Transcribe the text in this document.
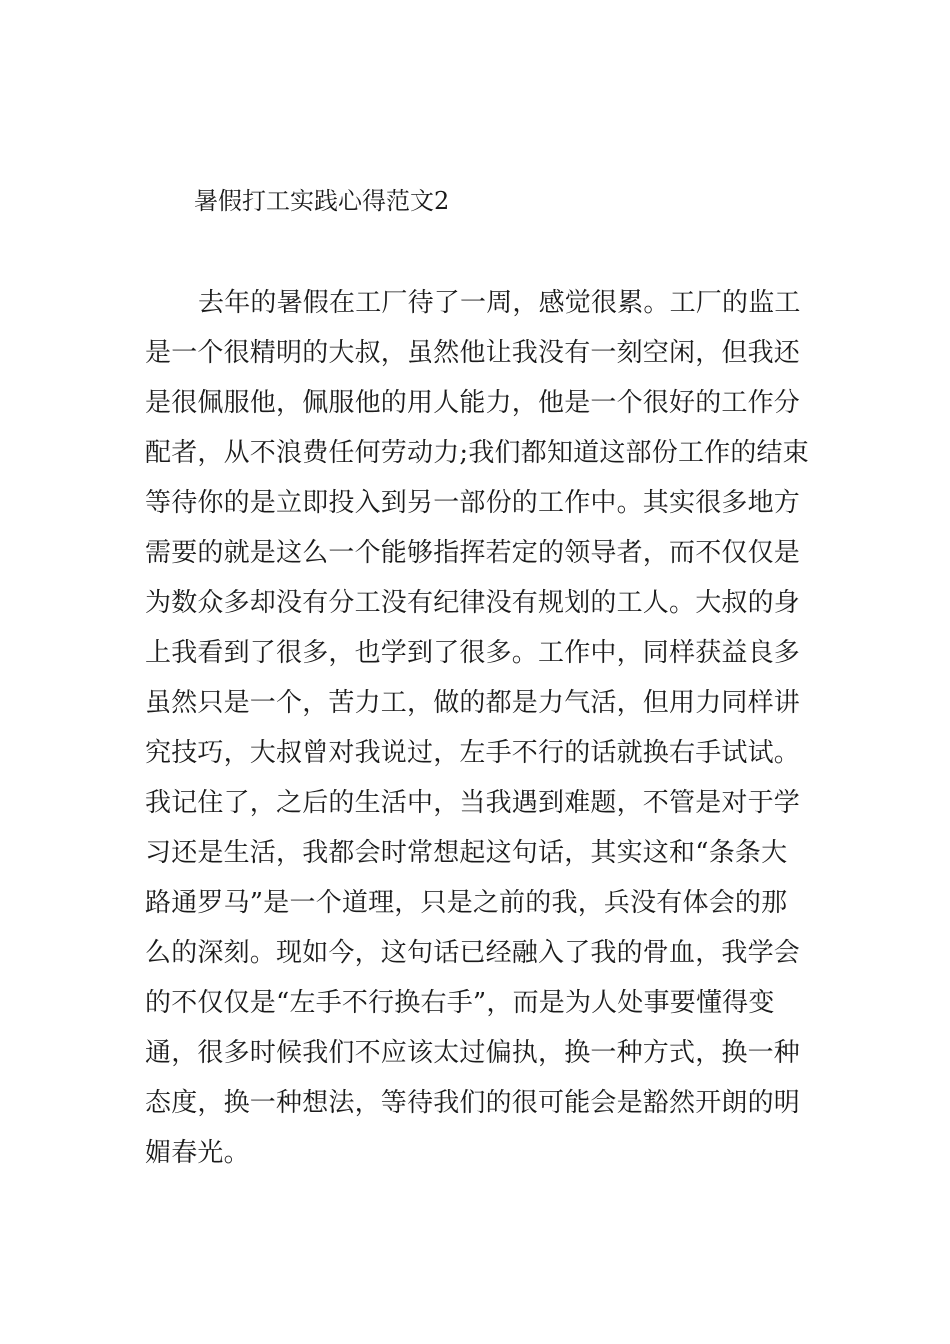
暑假打工实践心得范文2
去年的暑假在工厂待了一周，感觉很累。工厂的监工
是一个很精明的大叔，虽然他让我没有一刻空闲，但我还
是很佩服他，佩服他的用人能力，他是一个很好的工作分
配者，从不浪费任何劳动力;我们都知道这部份工作的结束
等待你的是立即投入到另一部份的工作中。其实很多地方
需要的就是这么一个能够指挥若定的领导者，而不仅仅是
为数众多却没有分工没有纪律没有规划的工人。大叔的身
上我看到了很多，也学到了很多。工作中，同样获益良多
虽然只是一个，苦力工，做的都是力气活，但用力同样讲
究技巧，大叔曾对我说过，左手不行的话就换右手试试。
我记住了，之后的生活中，当我遇到难题，不管是对于学
习还是生活，我都会时常想起这句话，其实这和“条条大
路通罗马”是一个道理，只是之前的我，兵没有体会的那
么的深刻。现如今，这句话已经融入了我的骨血，我学会
的不仅仅是“左手不行换右手”，而是为人处事要懂得变
通，很多时候我们不应该太过偏执，换一种方式，换一种
态度，换一种想法，等待我们的很可能会是豁然开朗的明
媚春光。
